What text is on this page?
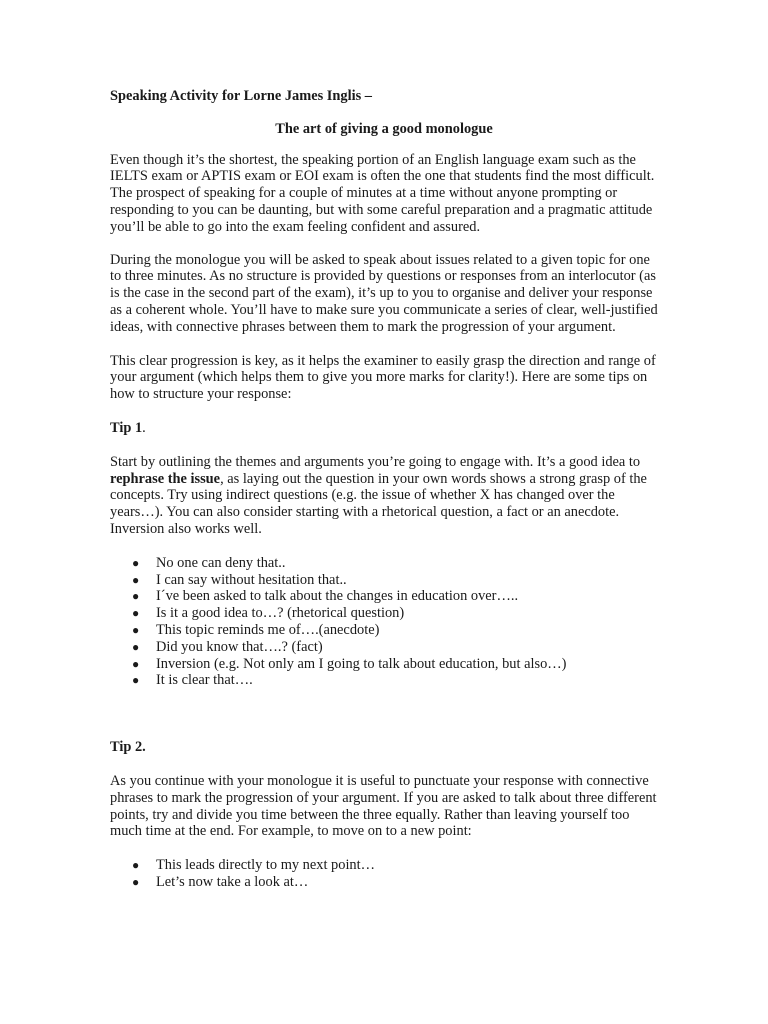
Speaking Activity for Lorne James Inglis –

The art of giving a good monologue

Even though it’s the shortest, the speaking portion of an English language exam such as the IELTS exam or APTIS exam or EOI exam is often the one that students find the most difficult. The prospect of speaking for a couple of minutes at a time without anyone prompting or responding to you can be daunting, but with some careful preparation and a pragmatic attitude you’ll be able to go into the exam feeling confident and assured.

During the monologue you will be asked to speak about issues related to a given topic for one to three minutes. As no structure is provided by questions or responses from an interlocutor (as is the case in the second part of the exam), it’s up to you to organise and deliver your response as a coherent whole. You’ll have to make sure you communicate a series of clear, well-justified ideas, with connective phrases between them to mark the progression of your argument.

This clear progression is key, as it helps the examiner to easily grasp the direction and range of your argument (which helps them to give you more marks for clarity!). Here are some tips on how to structure your response:

Tip 1.

Start by outlining the themes and arguments you’re going to engage with. It’s a good idea to rephrase the issue, as laying out the question in your own words shows a strong grasp of the concepts. Try using indirect questions (e.g. the issue of whether X has changed over the years…). You can also consider starting with a rhetorical question, a fact or an anecdote. Inversion also works well.

● No one can deny that..
● I can say without hesitation that..
● I´ve been asked to talk about the changes in education over…..
● Is it a good idea to…? (rhetorical question)
● This topic reminds me of….(anecdote)
● Did you know that….? (fact)
● Inversion (e.g. Not only am I going to talk about education, but also…)
● It is clear that….

Tip 2.

As you continue with your monologue it is useful to punctuate your response with connective phrases to mark the progression of your argument. If you are asked to talk about three different points, try and divide you time between the three equally. Rather than leaving yourself too much time at the end. For example, to move on to a new point:

● This leads directly to my next point…
● Let’s now take a look at…
